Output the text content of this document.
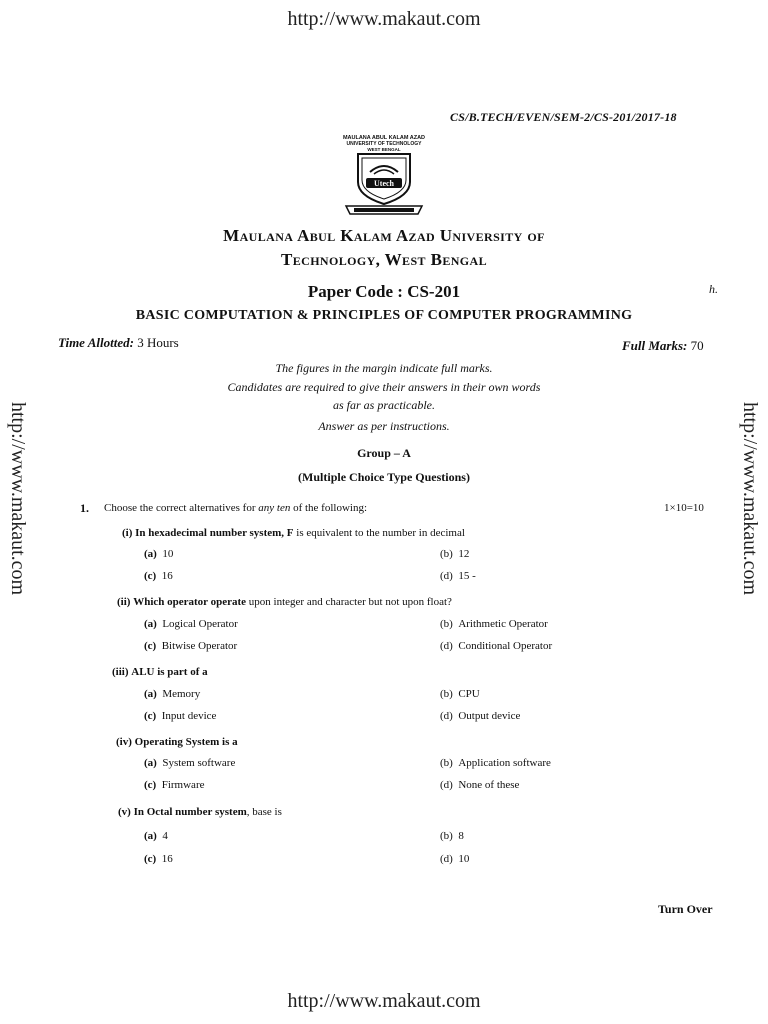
http://www.makaut.com
http://www.makaut.com
http://www.makaut.com	http://www.makaut.com
CS/B.TECH/EVEN/SEM-2/CS-201/2017-18
MAULANA ABUL KALAM AZAD
UNIVERSITY OF TECHNOLOGY
WEST BENGAL
Utech
Maulana Abul Kalam Azad University of
Technology, West Bengal
Paper Code : CS-201	h.
BASIC COMPUTATION & PRINCIPLES OF COMPUTER PROGRAMMING
Time Allotted: 3 Hours	Full Marks: 70
The figures in the margin indicate full marks.
Candidates are required to give their answers in their own words
as far as practicable.
Answer as per instructions.
Group – A
(Multiple Choice Type Questions)
1. Choose the correct alternatives for any ten of the following:	1×10=10
(i) In hexadecimal number system, F is equivalent to the number in decimal
(a) 10	(b) 12
(c) 16	(d) 15 -
(ii) Which operator operate upon integer and character but not upon float?
(a) Logical Operator	(b) Arithmetic Operator
(c) Bitwise Operator	(d) Conditional Operator
(iii) ALU is part of a
(a) Memory	(b) CPU
(c) Input device	(d) Output device
(iv) Operating System is a
(a) System software	(b) Application software
(c) Firmware	(d) None of these
(v) In Octal number system, base is
(a) 4	(b) 8
(c) 16	(d) 10
Turn Over
